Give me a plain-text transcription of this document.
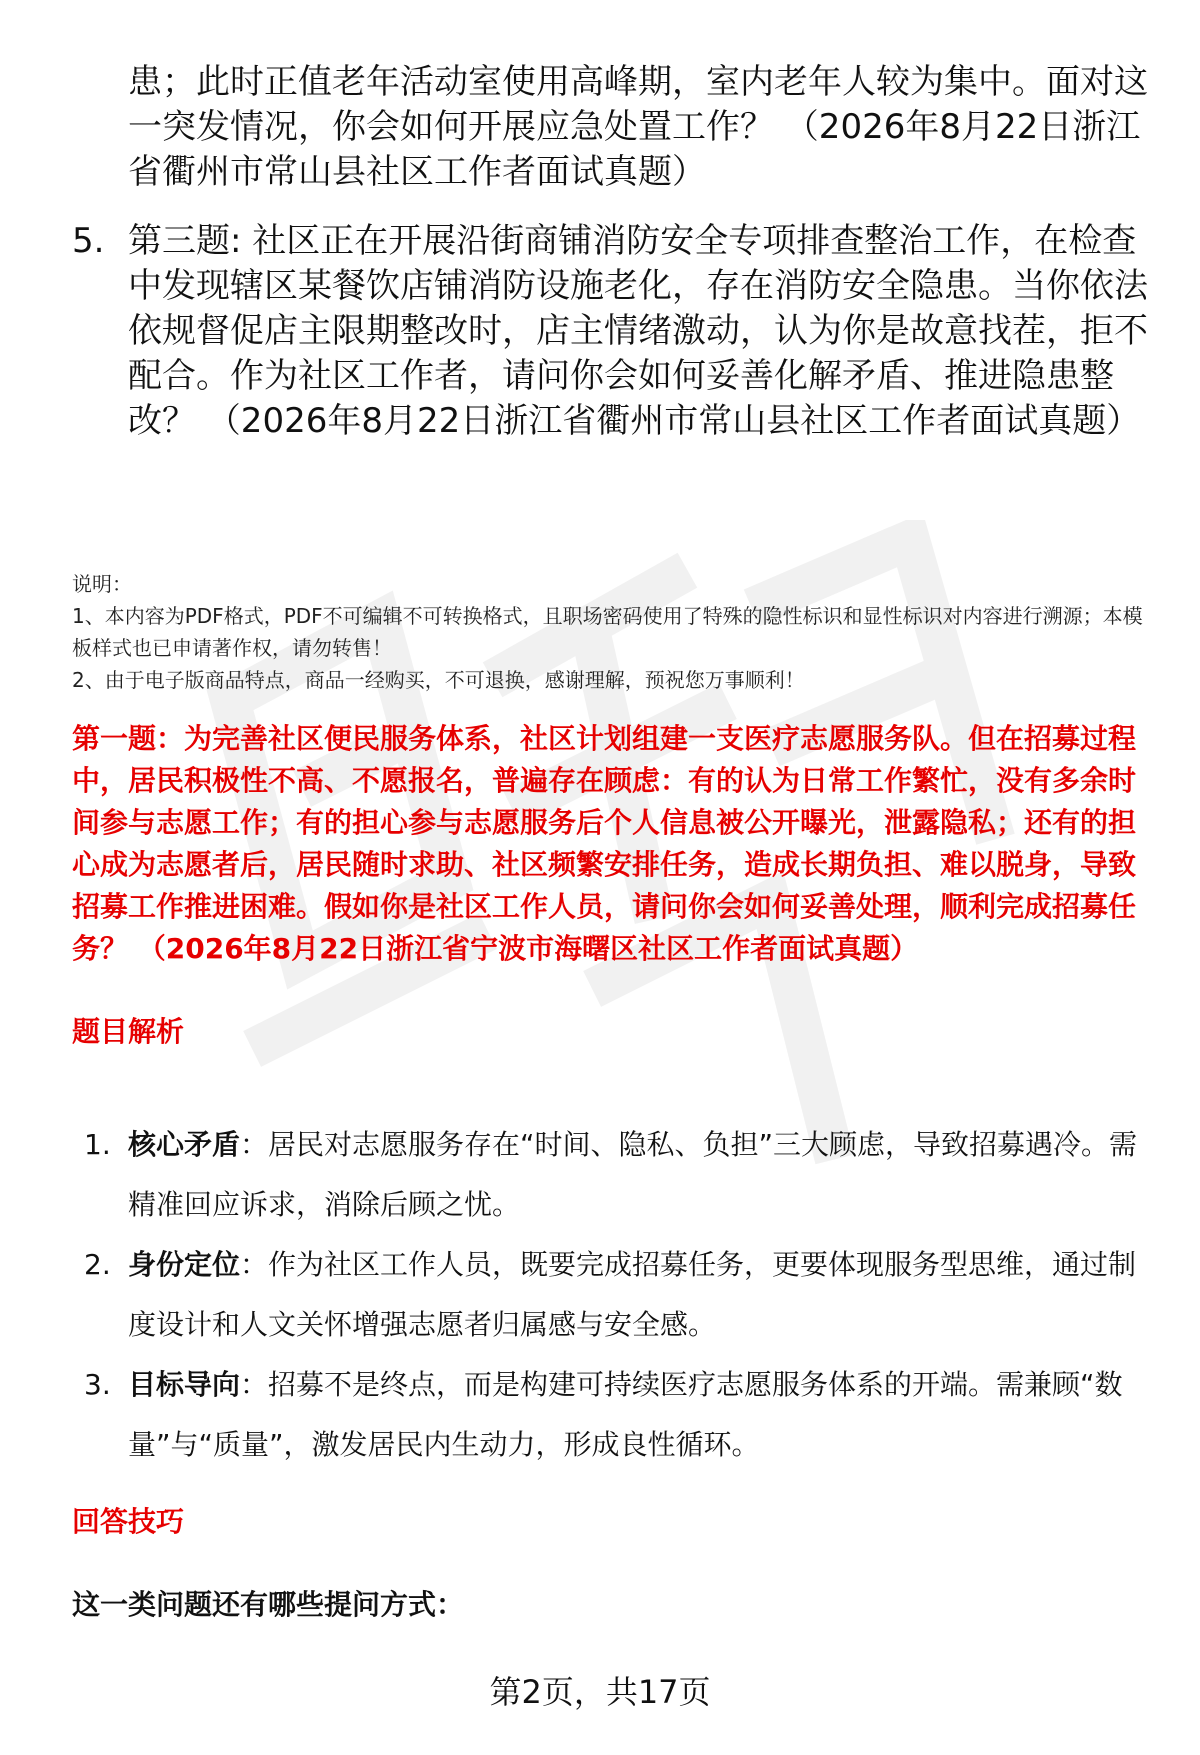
患；此时正值老年活动室使用高峰期，室内老年人较为集中。面对这一突发情况，你会如何开展应急处置工作？ （2026年8月22日浙江省衢州市常山县社区工作者面试真题）
5. 第三题: 社区正在开展沿街商铺消防安全专项排查整治工作，在检查中发现辖区某餐饮店铺消防设施老化，存在消防安全隐患。当你依法依规督促店主限期整改时，店主情绪激动，认为你是故意找茬，拒不配合。作为社区工作者，请问你会如何妥善化解矛盾、推进隐患整改？ （2026年8月22日浙江省衢州市常山县社区工作者面试真题）
说明：
1、本内容为PDF格式，PDF不可编辑不可转换格式，且职场密码使用了特殊的隐性标识和显性标识对内容进行溯源；本模板样式也已申请著作权，请勿转售！
2、由于电子版商品特点，商品一经购买，不可退换，感谢理解，预祝您万事顺利！
第一题：为完善社区便民服务体系，社区计划组建一支医疗志愿服务队。但在招募过程中，居民积极性不高、不愿报名，普遍存在顾虑：有的认为日常工作繁忙，没有多余时间参与志愿工作；有的担心参与志愿服务后个人信息被公开曝光，泄露隐私；还有的担心成为志愿者后，居民随时求助、社区频繁安排任务，造成长期负担、难以脱身，导致招募工作推进困难。假如你是社区工作人员，请问你会如何妥善处理，顺利完成招募任务？ （2026年8月22日浙江省宁波市海曙区社区工作者面试真题）
题目解析
1. 核心矛盾：居民对志愿服务存在“时间、隐私、负担”三大顾虑，导致招募遇冷。需精准回应诉求，消除后顾之忧。
2. 身份定位：作为社区工作人员，既要完成招募任务，更要体现服务型思维，通过制度设计和人文关怀增强志愿者归属感与安全感。
3. 目标导向：招募不是终点，而是构建可持续医疗志愿服务体系的开端。需兼顾“数量”与“质量”，激发居民内生动力，形成良性循环。
回答技巧
这一类问题还有哪些提问方式：
第2页，共17页
